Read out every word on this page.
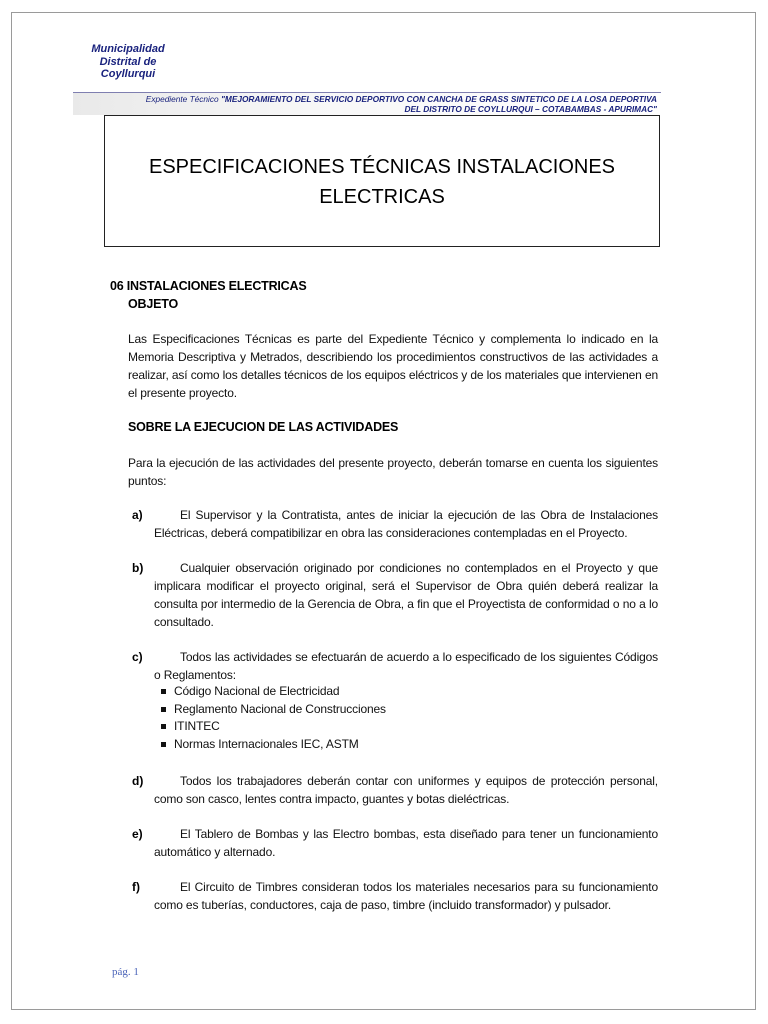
Municipalidad
Distrital de
Coyllurqui
Expediente Técnico "MEJORAMIENTO DEL SERVICIO DEPORTIVO CON CANCHA DE GRASS SINTETICO DE LA LOSA DEPORTIVA
DEL DISTRITO DE COYLLURQUI – COTABAMBAS - APURIMAC"
ESPECIFICACIONES TÉCNICAS INSTALACIONES
ELECTRICAS
06 INSTALACIONES ELECTRICAS
OBJETO
Las Especificaciones Técnicas es parte del Expediente Técnico y complementa lo indicado en la Memoria Descriptiva y Metrados, describiendo los procedimientos constructivos de las actividades a realizar, así como los detalles técnicos de los equipos eléctricos y de los materiales que intervienen en el presente proyecto.
SOBRE LA EJECUCION DE LAS ACTIVIDADES
Para la ejecución de las actividades del presente proyecto, deberán tomarse en cuenta los siguientes puntos:
a)	El Supervisor y la Contratista, antes de iniciar la ejecución de las Obra de Instalaciones Eléctricas, deberá compatibilizar en obra las consideraciones contempladas en el Proyecto.
b)	Cualquier observación originado por condiciones no contemplados en el Proyecto y que implicara modificar el proyecto original, será el Supervisor de Obra quién deberá realizar la consulta por intermedio de la Gerencia de Obra, a fin que el Proyectista de conformidad o no a lo consultado.
c)	Todos las actividades se efectuarán de acuerdo a lo especificado de los siguientes Códigos o Reglamentos:
Código Nacional de Electricidad
Reglamento Nacional de Construcciones
ITINTEC
Normas Internacionales IEC, ASTM
d)	Todos los trabajadores deberán contar con uniformes y equipos de protección personal, como son casco, lentes contra impacto, guantes y botas dieléctricas.
e)	El Tablero de Bombas y las Electro bombas, esta diseñado para tener un funcionamiento automático y alternado.
f)	El Circuito de Timbres consideran todos los materiales necesarios para su funcionamiento como es tuberías, conductores, caja de paso, timbre (incluido transformador) y pulsador.
pág. 1
